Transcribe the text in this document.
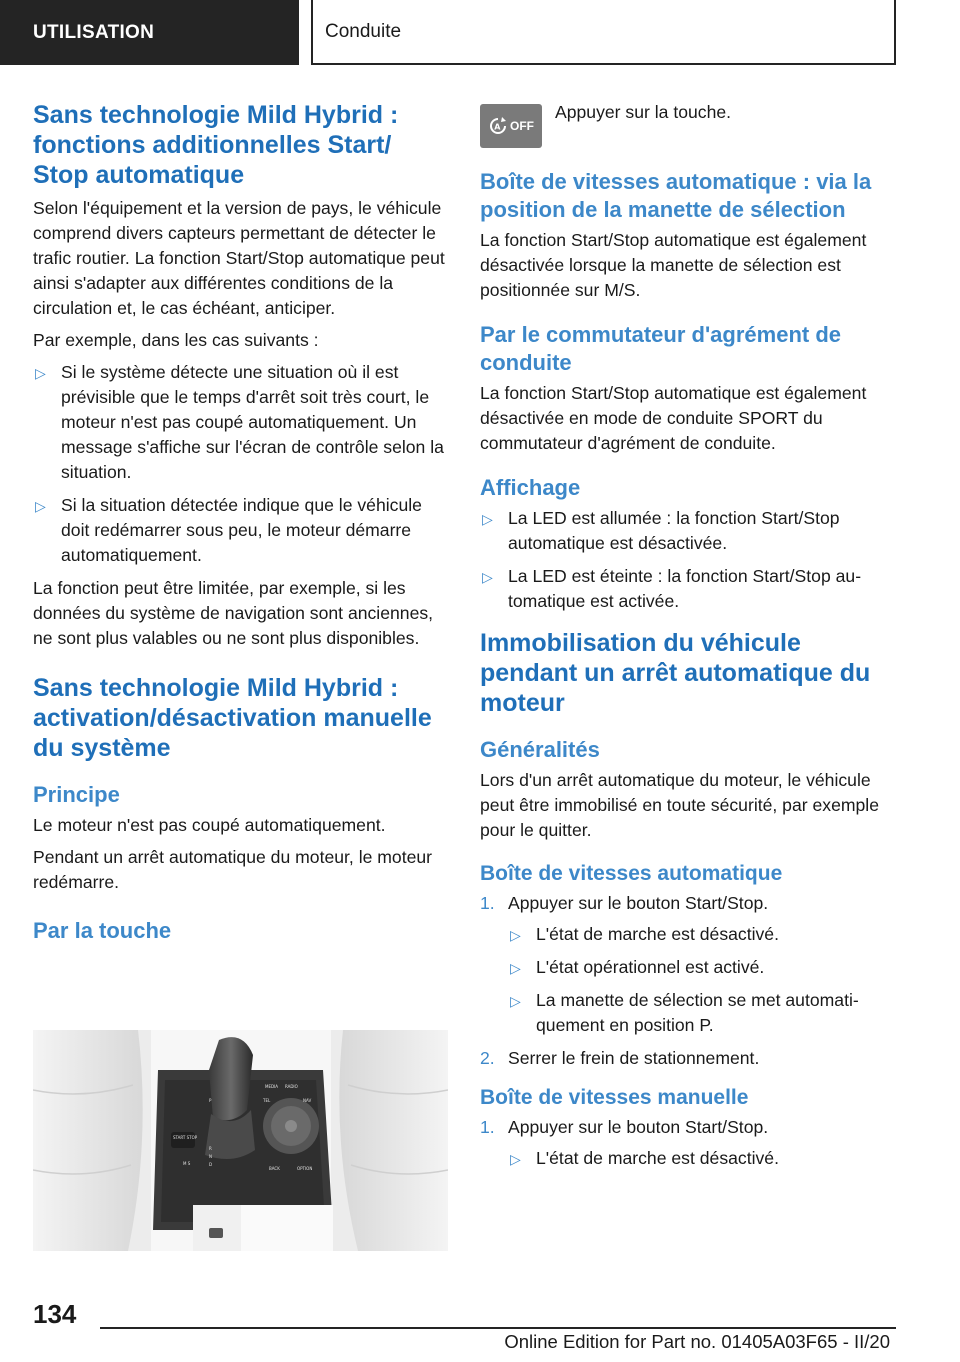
UTILISATION	Conduite
Sans technologie Mild Hybrid : fonctions additionnelles Start/ Stop automatique

Selon l'équipement et la version de pays, le véhicule comprend divers capteurs permettant de détecter le trafic routier. La fonction Start/Stop automatique peut ainsi s'adapter aux différentes conditions de la circulation et, le cas échéant, anticiper.

Par exemple, dans les cas suivants :

▷ Si le système détecte une situation où il est prévisible que le temps d'arrêt soit très court, le moteur n'est pas coupé automatiquement. Un message s'affiche sur l'écran de contrôle selon la situation.
▷ Si la situation détectée indique que le véhicule doit redémarrer sous peu, le moteur démarre automatiquement.

La fonction peut être limitée, par exemple, si les données du système de navigation sont anciennes, ne sont plus valables ou ne sont plus disponibles.

Sans technologie Mild Hybrid : activation/désactivation manuelle du système
Principe

Le moteur n'est pas coupé automatiquement.

Pendant un arrêt automatique du moteur, le moteur redémarre.

Par la touche
START STOP
MEDIA RADIO
TEL	NAV
BACK	OPTION
M S
R
N
D
P
A OFF
Appuyer sur la touche.
Boîte de vitesses automatique : via la position de la manette de sélection

La fonction Start/Stop automatique est également désactivée lorsque la manette de sélection est positionnée sur M/S.

Par le commutateur d'agrément de conduite

La fonction Start/Stop automatique est également désactivée en mode de conduite SPORT du commutateur d'agrément de conduite.

Affichage
▷ La LED est allumée : la fonction Start/Stop automatique est désactivée.
▷ La LED est éteinte : la fonction Start/Stop automatique est activée.
Immobilisation du véhicule pendant un arrêt automatique du moteur
Généralités

Lors d'un arrêt automatique du moteur, le véhicule peut être immobilisé en toute sécurité, par exemple pour le quitter.

Boîte de vitesses automatique
1. Appuyer sur le bouton Start/Stop.
▷ L'état de marche est désactivé.
▷ L'état opérationnel est activé.
▷ La manette de sélection se met automatiquement en position P.
2. Serrer le frein de stationnement.
Boîte de vitesses manuelle
1. Appuyer sur le bouton Start/Stop.
▷ L'état de marche est désactivé.
134
Online Edition for Part no. 01405A03F65 - II/20
